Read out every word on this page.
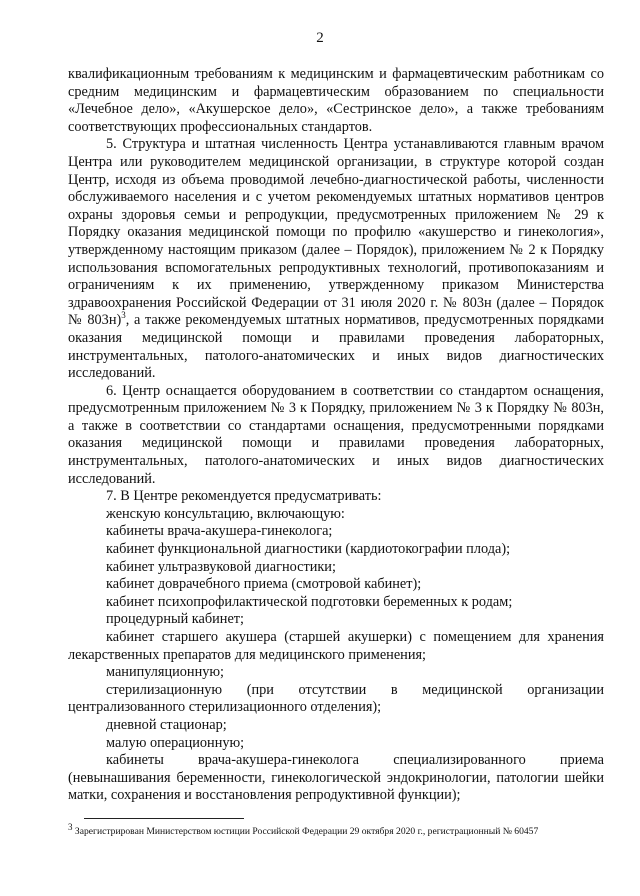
2

квалификационным требованиям к медицинским и фармацевтическим работникам со средним медицинским и фармацевтическим образованием по специальности «Лечебное дело», «Акушерское дело», «Сестринское дело», а также требованиям соответствующих профессиональных стандартов.

5. Структура и штатная численность Центра устанавливаются главным врачом Центра или руководителем медицинской организации, в структуре которой создан Центр, исходя из объема проводимой лечебно-диагностической работы, численности обслуживаемого населения и с учетом рекомендуемых штатных нормативов центров охраны здоровья семьи и репродукции, предусмотренных приложением № 29 к Порядку оказания медицинской помощи по профилю «акушерство и гинекология», утвержденному настоящим приказом (далее – Порядок), приложением № 2 к Порядку использования вспомогательных репродуктивных технологий, противопоказаниям и ограничениям к их применению, утвержденному приказом Министерства здравоохранения Российской Федерации от 31 июля 2020 г. № 803н (далее – Порядок № 803н)$^3$, а также рекомендуемых штатных нормативов, предусмотренных порядками оказания медицинской помощи и правилами проведения лабораторных, инструментальных, патолого-анатомических и иных видов диагностических исследований.

6. Центр оснащается оборудованием в соответствии со стандартом оснащения, предусмотренным приложением № 3 к Порядку, приложением № 3 к Порядку № 803н, а также в соответствии со стандартами оснащения, предусмотренными порядками оказания медицинской помощи и правилами проведения лабораторных, инструментальных, патолого-анатомических и иных видов диагностических исследований.

7. В Центре рекомендуется предусматривать:

женскую консультацию, включающую:

кабинеты врача-акушера-гинеколога;

кабинет функциональной диагностики (кардиотокографии плода);

кабинет ультразвуковой диагностики;

кабинет доврачебного приема (смотровой кабинет);

кабинет психопрофилактической подготовки беременных к родам;

процедурный кабинет;

кабинет старшего акушера (старшей акушерки) с помещением для хранения лекарственных препаратов для медицинского применения;

манипуляционную;

стерилизационную (при отсутствии в медицинской организации централизованного стерилизационного отделения);

дневной стационар;

малую операционную;

кабинеты врача-акушера-гинеколога специализированного приема (невынашивания беременности, гинекологической эндокринологии, патологии шейки матки, сохранения и восстановления репродуктивной функции);

$^3$ Зарегистрирован Министерством юстиции Российской Федерации 29 октября 2020 г., регистрационный № 60457
